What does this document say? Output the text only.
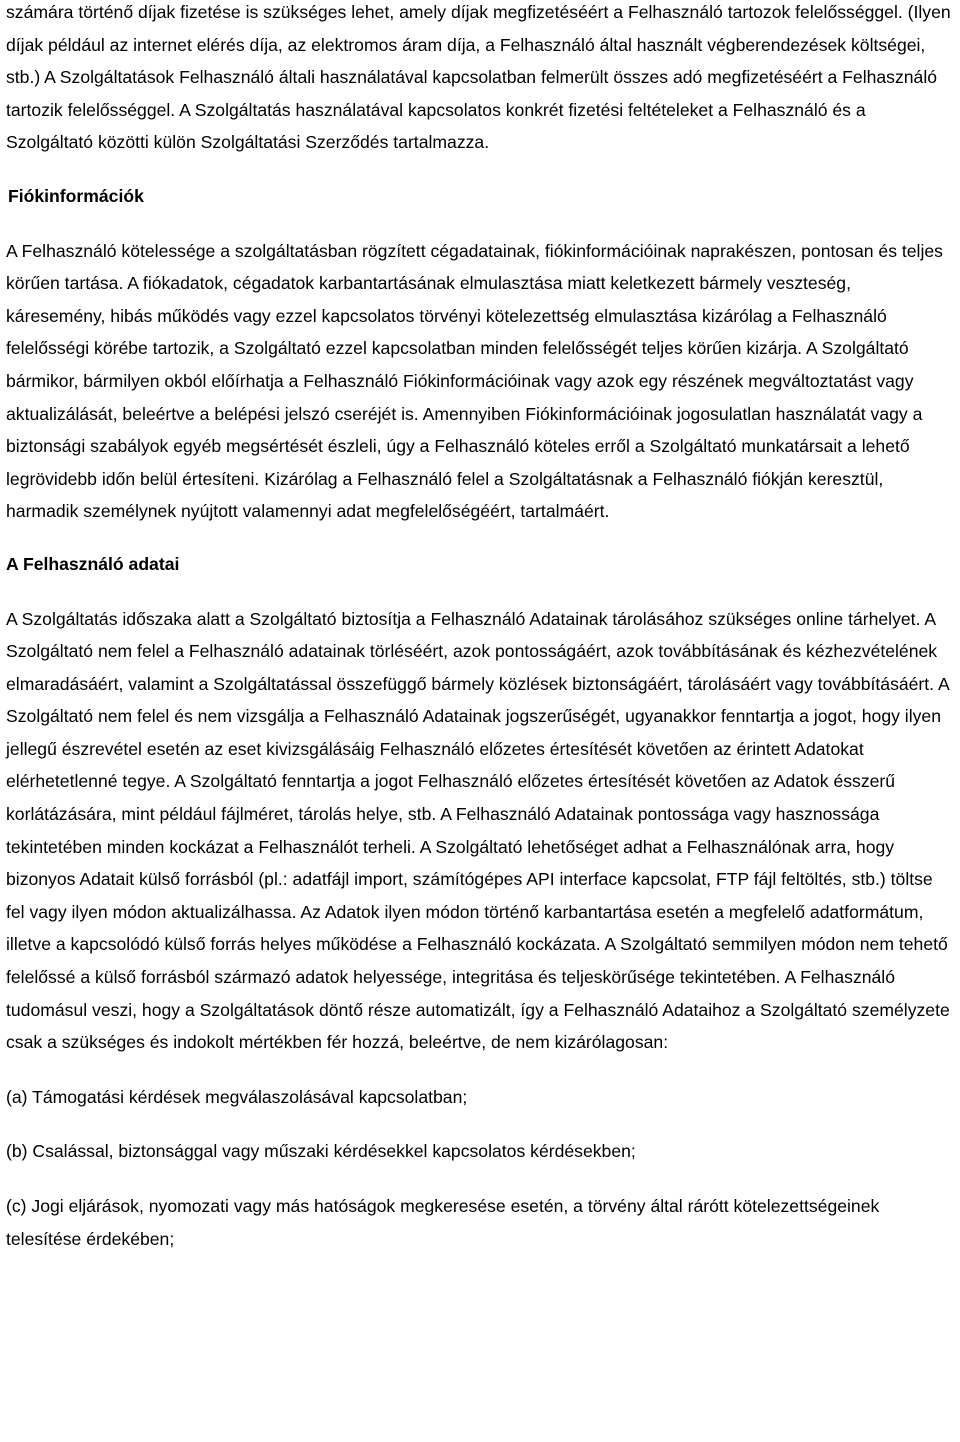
számára történő díjak fizetése is szükséges lehet, amely díjak megfizetéséért a Felhasználó tartozok felelősséggel. (Ilyen díjak például az internet elérés díja, az elektromos áram díja, a Felhasználó által használt végberendezések költségei, stb.) A Szolgáltatások Felhasználó általi használatával kapcsolatban felmerült összes adó megfizetéséért a Felhasználó tartozik felelősséggel. A Szolgáltatás használatával kapcsolatos konkrét fizetési feltételeket a Felhasználó és a Szolgáltató közötti külön Szolgáltatási Szerződés tartalmazza.

Fiókinformációk

A Felhasználó kötelessége a szolgáltatásban rögzített cégadatainak, fiókinformációinak naprakészen, pontosan és teljes körűen tartása. A fiókadatok, cégadatok karbantartásának elmulasztása miatt keletkezett bármely veszteség, káresemény, hibás működés vagy ezzel kapcsolatos törvényi kötelezettség elmulasztása kizárólag a Felhasználó felelősségi körébe tartozik, a Szolgáltató ezzel kapcsolatban minden felelősségét teljes körűen kizárja. A Szolgáltató bármikor, bármilyen okból előírhatja a Felhasználó Fiókinformációinak vagy azok egy részének megváltoztatást vagy aktualizálását, beleértve a belépési jelszó cseréjét is. Amennyiben Fiókinformációinak jogosulatlan használatát vagy a biztonsági szabályok egyéb megsértését észleli, úgy a Felhasználó köteles erről a Szolgáltató munkatársait a lehető legrövidebb időn belül értesíteni. Kizárólag a Felhasználó felel a Szolgáltatásnak a Felhasználó fiókján keresztül, harmadik személynek nyújtott valamennyi adat megfelelőségéért, tartalmáért.

A Felhasználó adatai

A Szolgáltatás időszaka alatt a Szolgáltató biztosítja a Felhasználó Adatainak tárolásához szükséges online tárhelyet. A Szolgáltató nem felel a Felhasználó adatainak törléséért, azok pontosságáért, azok továbbításának és kézhezvételének elmaradásáért, valamint a Szolgáltatással összefüggő bármely közlések biztonságáért, tárolásáért vagy továbbításáért. A Szolgáltató nem felel és nem vizsgálja a Felhasználó Adatainak jogszerűségét, ugyanakkor fenntartja a jogot, hogy ilyen jellegű észrevétel esetén az eset kivizsgálásáig Felhasználó előzetes értesítését követően az érintett Adatokat elérhetetlenné tegye. A Szolgáltató fenntartja a jogot Felhasználó előzetes értesítését követően az Adatok ésszerű korlátázására, mint például fájlméret, tárolás helye, stb. A Felhasználó Adatainak pontossága vagy hasznossága tekintetében minden kockázat a Felhasználót terheli. A Szolgáltató lehetőséget adhat a Felhasználónak arra, hogy bizonyos Adatait külső forrásból (pl.: adatfájl import, számítógépes API interface kapcsolat, FTP fájl feltöltés, stb.) töltse fel vagy ilyen módon aktualizálhassa. Az Adatok ilyen módon történő karbantartása esetén a megfelelő adatformátum, illetve a kapcsolódó külső forrás helyes működése a Felhasználó kockázata. A Szolgáltató semmilyen módon nem tehető felelőssé a külső forrásból származó adatok helyessége, integritása és teljeskörűsége tekintetében. A Felhasználó tudomásul veszi, hogy a Szolgáltatások döntő része automatizált, így a Felhasználó Adataihoz a Szolgáltató személyzete csak a szükséges és indokolt mértékben fér hozzá, beleértve, de nem kizárólagosan:

(a) Támogatási kérdések megválaszolásával kapcsolatban;

(b) Csalással, biztonsággal vagy műszaki kérdésekkel kapcsolatos kérdésekben;

(c) Jogi eljárások, nyomozati vagy más hatóságok megkeresése esetén, a törvény által rárótt kötelezettségeinek telesítése érdekében;
